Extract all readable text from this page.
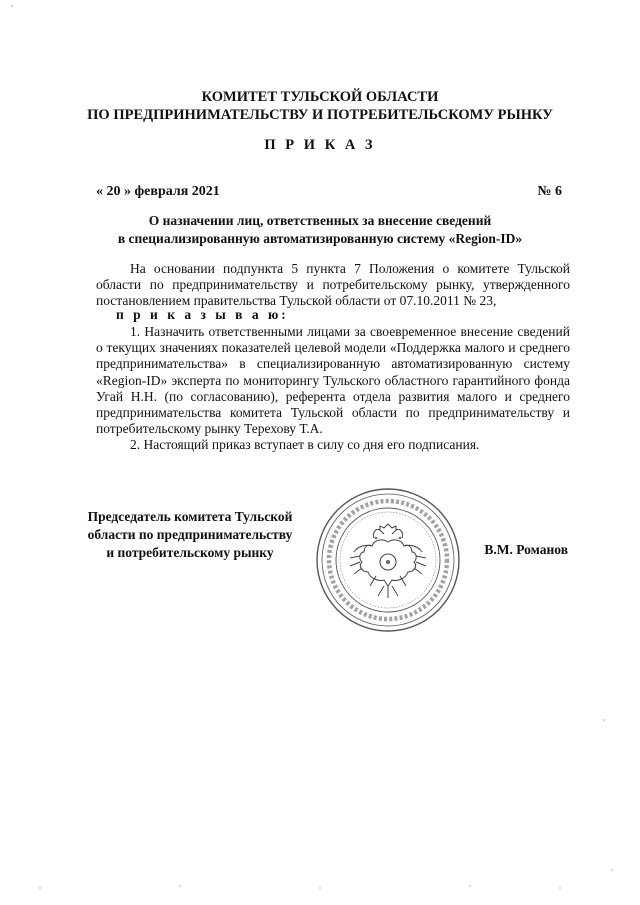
КОМИТЕТ ТУЛЬСКОЙ ОБЛАСТИ
ПО ПРЕДПРИНИМАТЕЛЬСТВУ И ПОТРЕБИТЕЛЬСКОМУ РЫНКУ
П Р И К А З
« 20 » февраля 2021	№ 6
О назначении лиц, ответственных за внесение сведений
в специализированную автоматизированную систему «Region-ID»

На основании подпункта 5 пункта 7 Положения о комитете Тульской области по предпринимательству и потребительскому рынку, утвержденного постановлением правительства Тульской области от 07.10.2011 № 23,

п р и к а з ы в а ю:

1. Назначить ответственными лицами за своевременное внесение сведений о текущих значениях показателей целевой модели «Поддержка малого и среднего предпринимательства» в специализированную автоматизированную систему «Region-ID» эксперта по мониторингу Тульского областного гарантийного фонда Угай Н.Н. (по согласованию), референта отдела развития малого и среднего предпринимательства комитета Тульской области по предпринимательству и потребительскому рынку Терехову Т.А.

2. Настоящий приказ вступает в силу со дня его подписания.

Председатель комитета Тульской
области по предпринимательству
и потребительскому рынку	В.М. Романов
